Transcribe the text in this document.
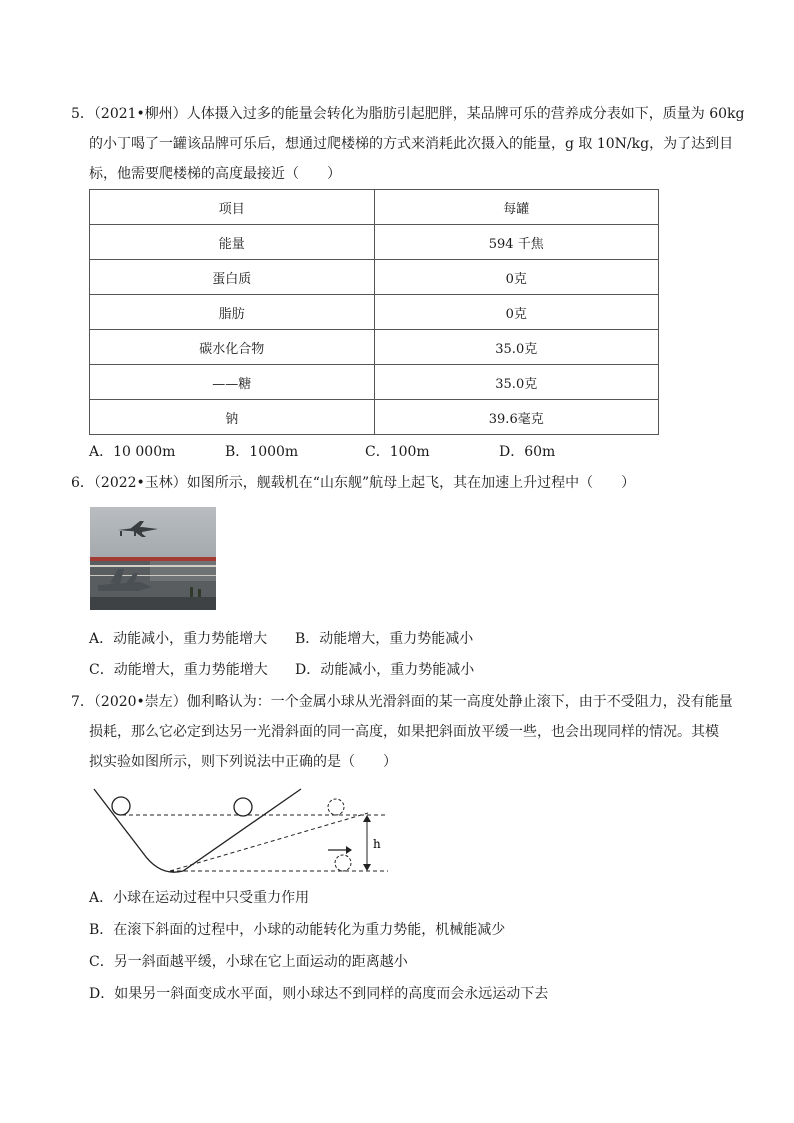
5．（2021•柳州）人体摄入过多的能量会转化为脂肪引起肥胖，某品牌可乐的营养成分表如下，质量为 60kg
的小丁喝了一罐该品牌可乐后，想通过爬楼梯的方式来消耗此次摄入的能量，g 取 10N/kg，为了达到目
标，他需要爬楼梯的高度最接近（　　）
项目	每罐
能量	594 千焦
蛋白质	0克
脂肪	0克
碳水化合物	35.0克
——糖	35.0克
钠	39.6毫克
A．10 000m	B．1000m	C．100m	D．60m
6．（2022•玉林）如图所示，舰载机在“山东舰”航母上起飞，其在加速上升过程中（　　）
A．动能减小，重力势能增大 B．动能增大，重力势能减小
C．动能增大，重力势能增大 D．动能减小，重力势能减小
7．（2020•崇左）伽利略认为：一个金属小球从光滑斜面的某一高度处静止滚下，由于不受阻力，没有能量
损耗，那么它必定到达另一光滑斜面的同一高度，如果把斜面放平缓一些，也会出现同样的情况。其模
拟实验如图所示，则下列说法中正确的是（　　）
h
A．小球在运动过程中只受重力作用
B．在滚下斜面的过程中，小球的动能转化为重力势能，机械能减少
C．另一斜面越平缓，小球在它上面运动的距离越小
D．如果另一斜面变成水平面，则小球达不到同样的高度而会永远运动下去
